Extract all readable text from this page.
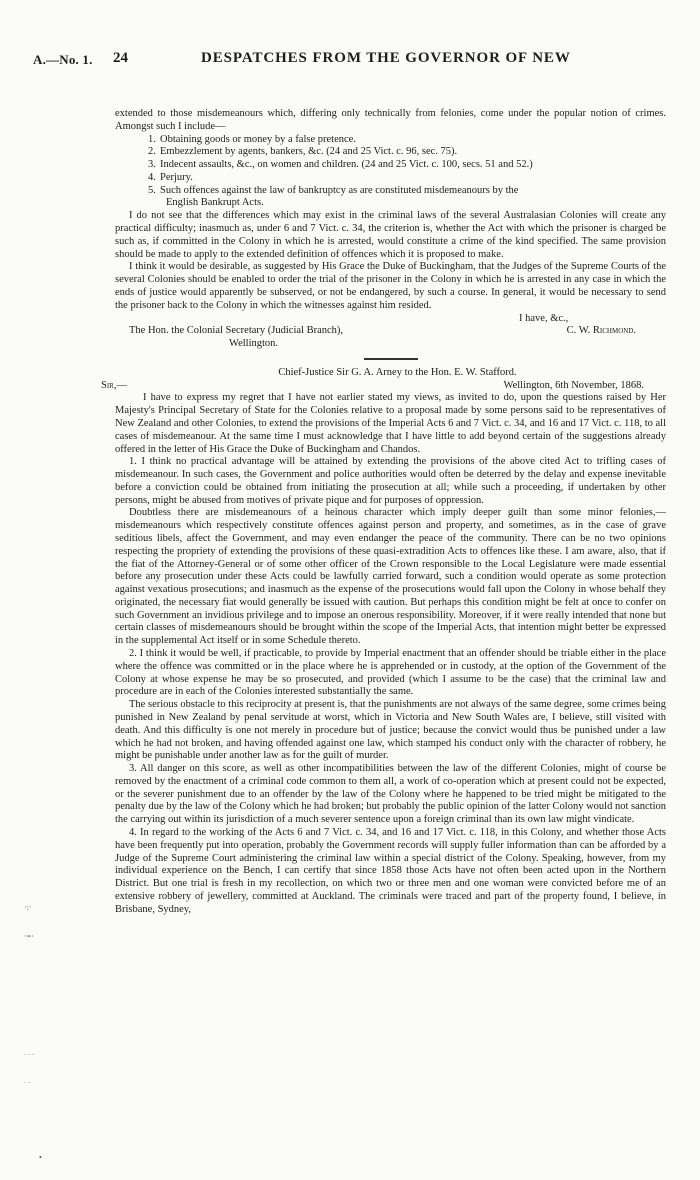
A.—No. 1. 24	DESPATCHES FROM THE GOVERNOR OF NEW

extended to those misdemeanours which, differing only technically from felonies, come under the popular notion of crimes. Amongst such I include—

1. Obtaining goods or money by a false pretence.
2. Embezzlement by agents, bankers, &c. (24 and 25 Vict. c. 96, sec. 75).
3. Indecent assaults, &c., on women and children. (24 and 25 Vict. c. 100, secs. 51 and 52.)
4. Perjury.
5. Such offences against the law of bankruptcy as are constituted misdemeanours by the
English Bankrupt Acts.

I do not see that the differences which may exist in the criminal laws of the several Australasian Colonies will create any practical difficulty; inasmuch as, under 6 and 7 Vict. c. 34, the criterion is, whether the Act with which the prisoner is charged be such as, if committed in the Colony in which he is arrested, would constitute a crime of the kind specified. The same provision should be made to apply to the extended definition of offences which it is proposed to make.

I think it would be desirable, as suggested by His Grace the Duke of Buckingham, that the Judges of the Supreme Courts of the several Colonies should be enabled to order the trial of the prisoner in the Colony in which he is arrested in any case in which the ends of justice would apparently be subserved, or not be endangered, by such a course. In general, it would be necessary to send the prisoner back to the Colony in which the witnesses against him resided.

I have, &c.,

The Hon. the Colonial Secretary (Judicial Branch),	C. W. Richmond.
Wellington.

Chief-Justice Sir G. A. Arney to the Hon. E. W. Stafford.

Sir,—	Wellington, 6th November, 1868.

I have to express my regret that I have not earlier stated my views, as invited to do, upon the questions raised by Her Majesty's Principal Secretary of State for the Colonies relative to a proposal made by some persons said to be representatives of New Zealand and other Colonies, to extend the provisions of the Imperial Acts 6 and 7 Vict. c. 34, and 16 and 17 Vict. c. 118, to all cases of misdemeanour. At the same time I must acknowledge that I have little to add beyond certain of the suggestions already offered in the letter of His Grace the Duke of Buckingham and Chandos.

1. I think no practical advantage will be attained by extending the provisions of the above cited Act to trifling cases of misdemeanour. In such cases, the Government and police authorities would often be deterred by the delay and expense inevitable before a conviction could be obtained from initiating the prosecution at all; while such a proceeding, if undertaken by other persons, might be abused from motives of private pique and for purposes of oppression.

Doubtless there are misdemeanours of a heinous character which imply deeper guilt than some minor felonies,—misdemeanours which respectively constitute offences against person and property, and sometimes, as in the case of grave seditious libels, affect the Government, and may even endanger the peace of the community. There can be no two opinions respecting the propriety of extending the provisions of these quasi-extradition Acts to offences like these. I am aware, also, that if the fiat of the Attorney-General or of some other officer of the Crown responsible to the Local Legislature were made essential before any prosecution under these Acts could be lawfully carried forward, such a condition would operate as some protection against vexatious prosecutions; and inasmuch as the expense of the prosecutions would fall upon the Colony in whose behalf they originated, the necessary fiat would generally be issued with caution. But perhaps this condition might be felt at once to confer on such Government an invidious privilege and to impose an onerous responsibility. Moreover, if it were really intended that none but certain classes of misdemeanours should be brought within the scope of the Imperial Acts, that intention might better be expressed in the supplemental Act itself or in some Schedule thereto.

2. I think it would be well, if practicable, to provide by Imperial enactment that an offender should be triable either in the place where the offence was committed or in the place where he is apprehended or in custody, at the option of the Government of the Colony at whose expense he may be so prosecuted, and provided (which I assume to be the case) that the criminal law and procedure are in each of the Colonies interested substantially the same.

The serious obstacle to this reciprocity at present is, that the punishments are not always of the same degree, some crimes being punished in New Zealand by penal servitude at worst, which in Victoria and New South Wales are, I believe, still visited with death. And this difficulty is one not merely in procedure but of justice; because the convict would thus be punished under a law which he had not broken, and having offended against one law, which stamped his conduct only with the character of robbery, he might be punishable under another law as for the guilt of murder.

3. All danger on this score, as well as other incompatibilities between the law of the different Colonies, might of course be removed by the enactment of a criminal code common to them all, a work of co-operation which at present could not be expected, or the severer punishment due to an offender by the law of the Colony where he happened to be tried might be mitigated to the penalty due by the law of the Colony which he had broken; but probably the public opinion of the latter Colony would not sanction the carrying out within its jurisdiction of a much severer sentence upon a foreign criminal than its own law might vindicate.

4. In regard to the working of the Acts 6 and 7 Vict. c. 34, and 16 and 17 Vict. c. 118, in this Colony, and whether those Acts have been frequently put into operation, probably the Government records will supply fuller information than can be afforded by a Judge of the Supreme Court administering the criminal law within a special district of the Colony. Speaking, however, from my individual experience on the Bench, I can certify that since 1858 those Acts have not often been acted upon in the Northern District. But one trial is fresh in my recollection, on which two or three men and one woman were convicted before me of an extensive robbery of jewellery, committed at Auckland. The criminals were traced and part of the property found, I believe, in Brisbane, Sydney,

·:·
·=·
- - -
- -
•
